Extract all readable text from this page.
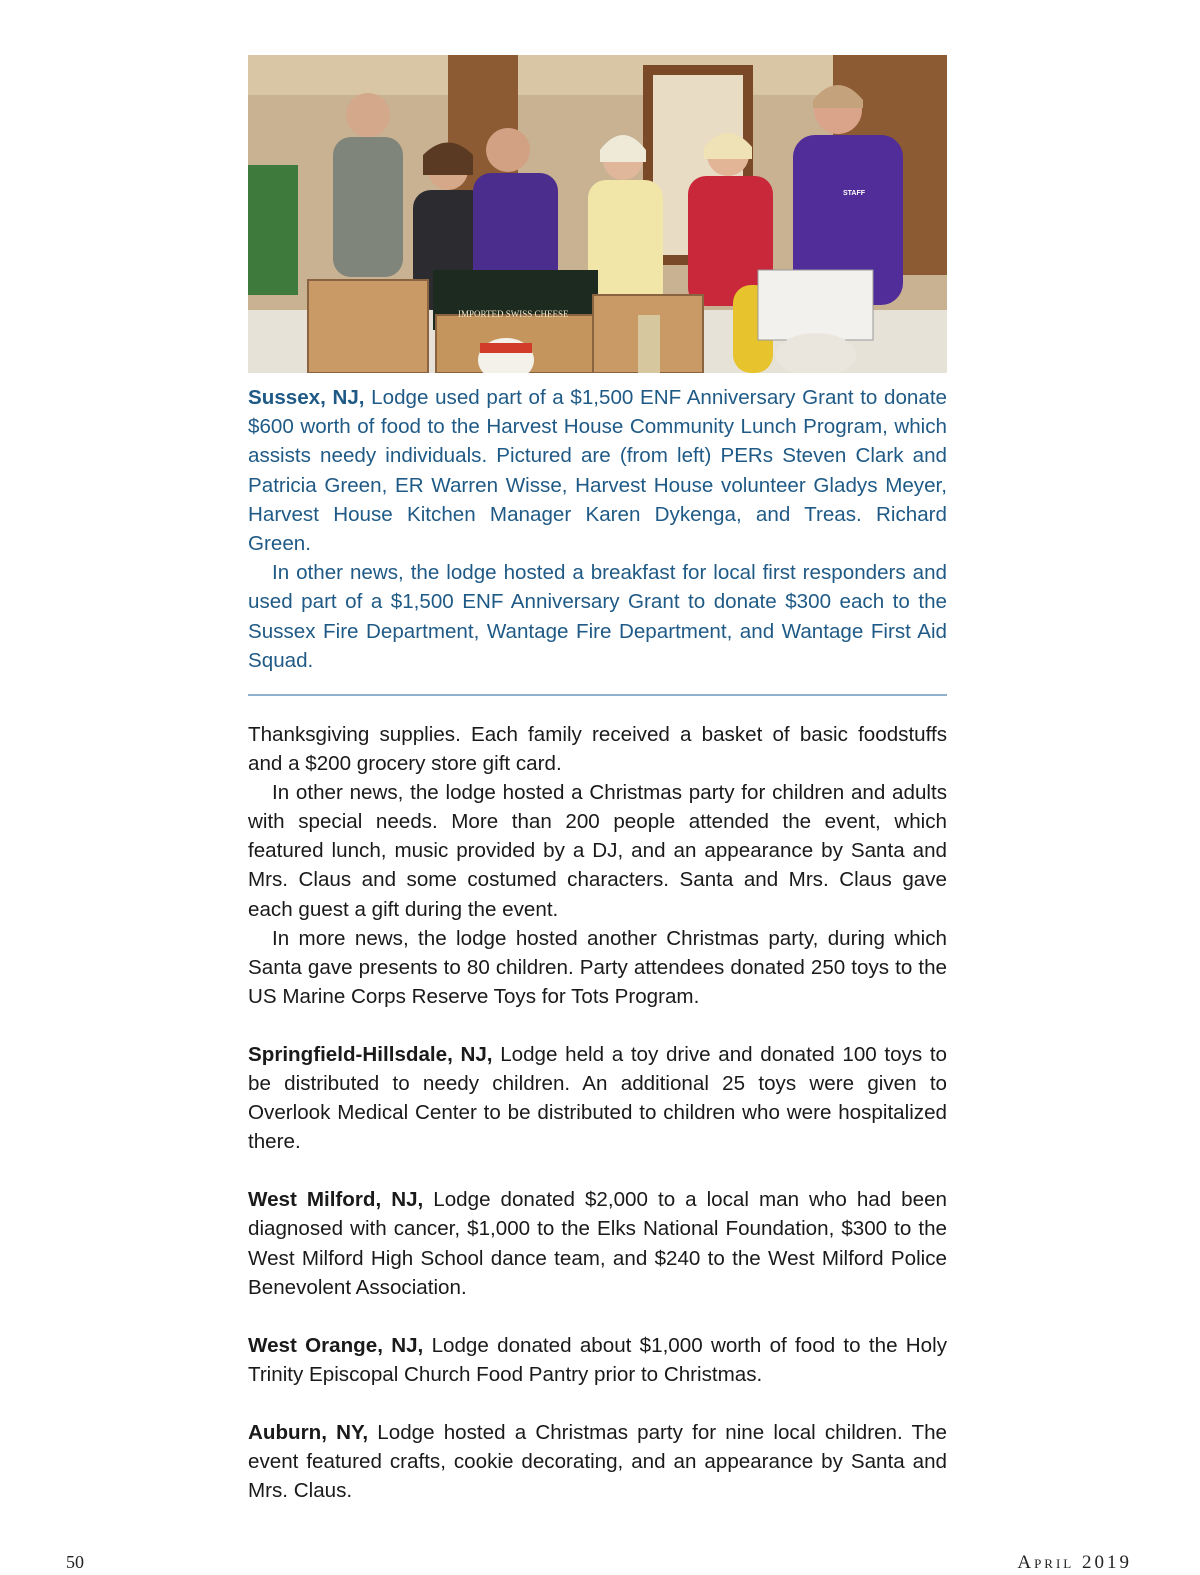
STAFF
IMPORTED SWISS CHEESE

Sussex, NJ, Lodge used part of a $1,500 ENF Anniversary Grant to donate $600 worth of food to the Harvest House Community Lunch Program, which assists needy individuals. Pictured are (from left) PERs Steven Clark and Patricia Green, ER Warren Wisse, Harvest House volunteer Gladys Meyer, Harvest House Kitchen Manager Karen Dykenga, and Treas. Richard Green.

In other news, the lodge hosted a breakfast for local first responders and used part of a $1,500 ENF Anniversary Grant to donate $300 each to the Sussex Fire Department, Wantage Fire Department, and Wantage First Aid Squad.

Thanksgiving supplies. Each family received a basket of basic foodstuffs and a $200 grocery store gift card.

In other news, the lodge hosted a Christmas party for children and adults with special needs. More than 200 people attended the event, which featured lunch, music provided by a DJ, and an appearance by Santa and Mrs. Claus and some costumed characters. Santa and Mrs. Claus gave each guest a gift during the event.

In more news, the lodge hosted another Christmas party, during which Santa gave presents to 80 children. Party attendees donated 250 toys to the US Marine Corps Reserve Toys for Tots Program.

Springfield-Hillsdale, NJ, Lodge held a toy drive and donated 100 toys to be distributed to needy children. An additional 25 toys were given to Overlook Medical Center to be distributed to children who were hospitalized there.

West Milford, NJ, Lodge donated $2,000 to a local man who had been diagnosed with cancer, $1,000 to the Elks National Foundation, $300 to the West Milford High School dance team, and $240 to the West Milford Police Benevolent Association.

West Orange, NJ, Lodge donated about $1,000 worth of food to the Holy Trinity Episcopal Church Food Pantry prior to Christmas.

Auburn, NY, Lodge hosted a Christmas party for nine local children. The event featured crafts, cookie decorating, and an appearance by Santa and Mrs. Claus.

50	April 2019
